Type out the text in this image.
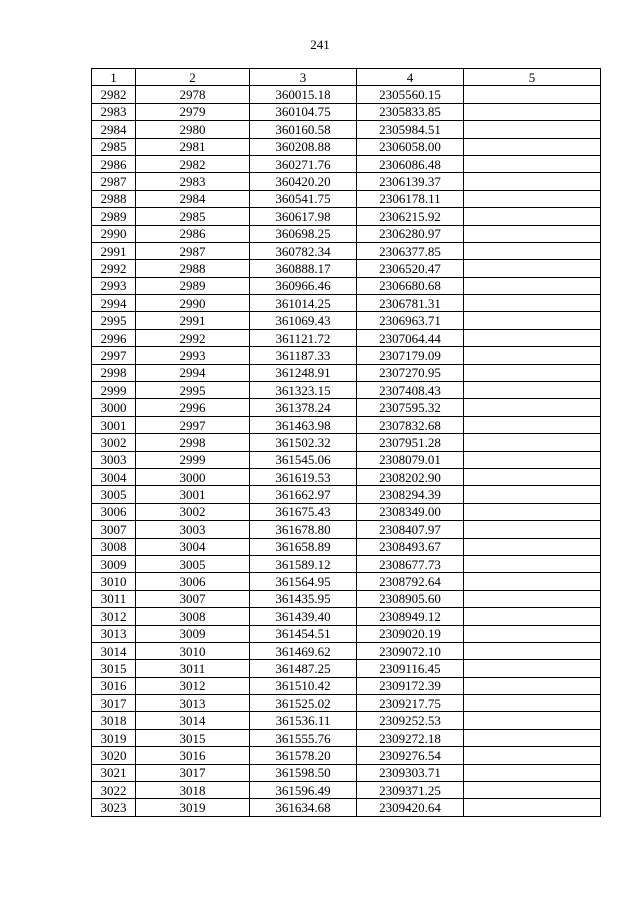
241
1	2	3	4	5
2982	2978	360015.18	2305560.15	
2983	2979	360104.75	2305833.85	
2984	2980	360160.58	2305984.51	
2985	2981	360208.88	2306058.00	
2986	2982	360271.76	2306086.48	
2987	2983	360420.20	2306139.37	
2988	2984	360541.75	2306178.11	
2989	2985	360617.98	2306215.92	
2990	2986	360698.25	2306280.97	
2991	2987	360782.34	2306377.85	
2992	2988	360888.17	2306520.47	
2993	2989	360966.46	2306680.68	
2994	2990	361014.25	2306781.31	
2995	2991	361069.43	2306963.71	
2996	2992	361121.72	2307064.44	
2997	2993	361187.33	2307179.09	
2998	2994	361248.91	2307270.95	
2999	2995	361323.15	2307408.43	
3000	2996	361378.24	2307595.32	
3001	2997	361463.98	2307832.68	
3002	2998	361502.32	2307951.28	
3003	2999	361545.06	2308079.01	
3004	3000	361619.53	2308202.90	
3005	3001	361662.97	2308294.39	
3006	3002	361675.43	2308349.00	
3007	3003	361678.80	2308407.97	
3008	3004	361658.89	2308493.67	
3009	3005	361589.12	2308677.73	
3010	3006	361564.95	2308792.64	
3011	3007	361435.95	2308905.60	
3012	3008	361439.40	2308949.12	
3013	3009	361454.51	2309020.19	
3014	3010	361469.62	2309072.10	
3015	3011	361487.25	2309116.45	
3016	3012	361510.42	2309172.39	
3017	3013	361525.02	2309217.75	
3018	3014	361536.11	2309252.53	
3019	3015	361555.76	2309272.18	
3020	3016	361578.20	2309276.54	
3021	3017	361598.50	2309303.71	
3022	3018	361596.49	2309371.25	
3023	3019	361634.68	2309420.64	
